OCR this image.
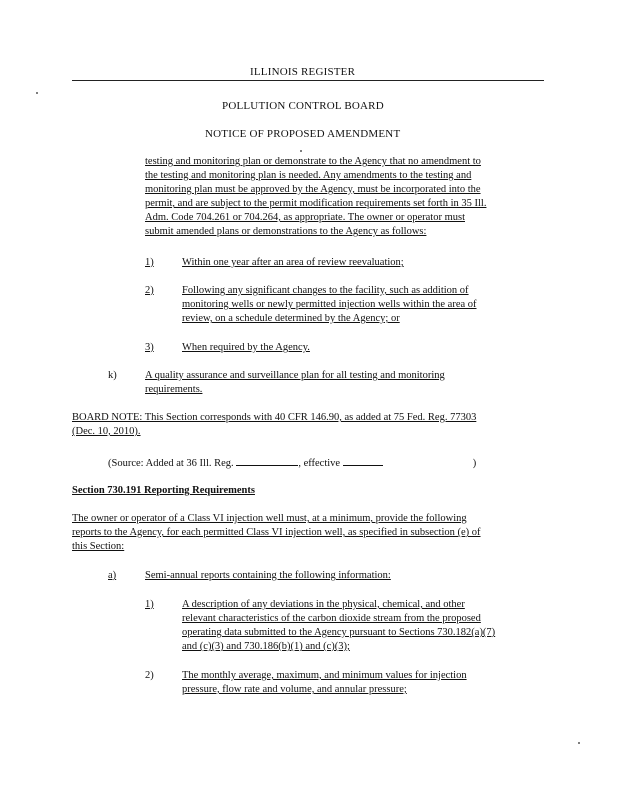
ILLINOIS REGISTER
POLLUTION CONTROL BOARD
NOTICE OF PROPOSED AMENDMENT
testing and monitoring plan or demonstrate to the Agency that no amendment to
the testing and monitoring plan is needed. Any amendments to the testing and
monitoring plan must be approved by the Agency, must be incorporated into the
permit, and are subject to the permit modification requirements set forth in 35 Ill.
Adm. Code 704.261 or 704.264, as appropriate. The owner or operator must
submit amended plans or demonstrations to the Agency as follows:
1)	Within one year after an area of review reevaluation;
2)	Following any significant changes to the facility, such as addition of
monitoring wells or newly permitted injection wells within the area of
review, on a schedule determined by the Agency; or
3)	When required by the Agency.
k)	A quality assurance and surveillance plan for all testing and monitoring
requirements.
BOARD NOTE: This Section corresponds with 40 CFR 146.90, as added at 75 Fed. Reg. 77303
(Dec. 10, 2010).
(Source: Added at 36 Ill. Reg.	, effective	)
Section 730.191 Reporting Requirements
The owner or operator of a Class VI injection well must, at a minimum, provide the following
reports to the Agency, for each permitted Class VI injection well, as specified in subsection (e) of
this Section:
a)	Semi-annual reports containing the following information:
1)	A description of any deviations in the physical, chemical, and other
relevant characteristics of the carbon dioxide stream from the proposed
operating data submitted to the Agency pursuant to Sections 730.182(a)(7)
and (c)(3) and 730.186(b)(1) and (c)(3);
2)	The monthly average, maximum, and minimum values for injection
pressure, flow rate and volume, and annular pressure;
